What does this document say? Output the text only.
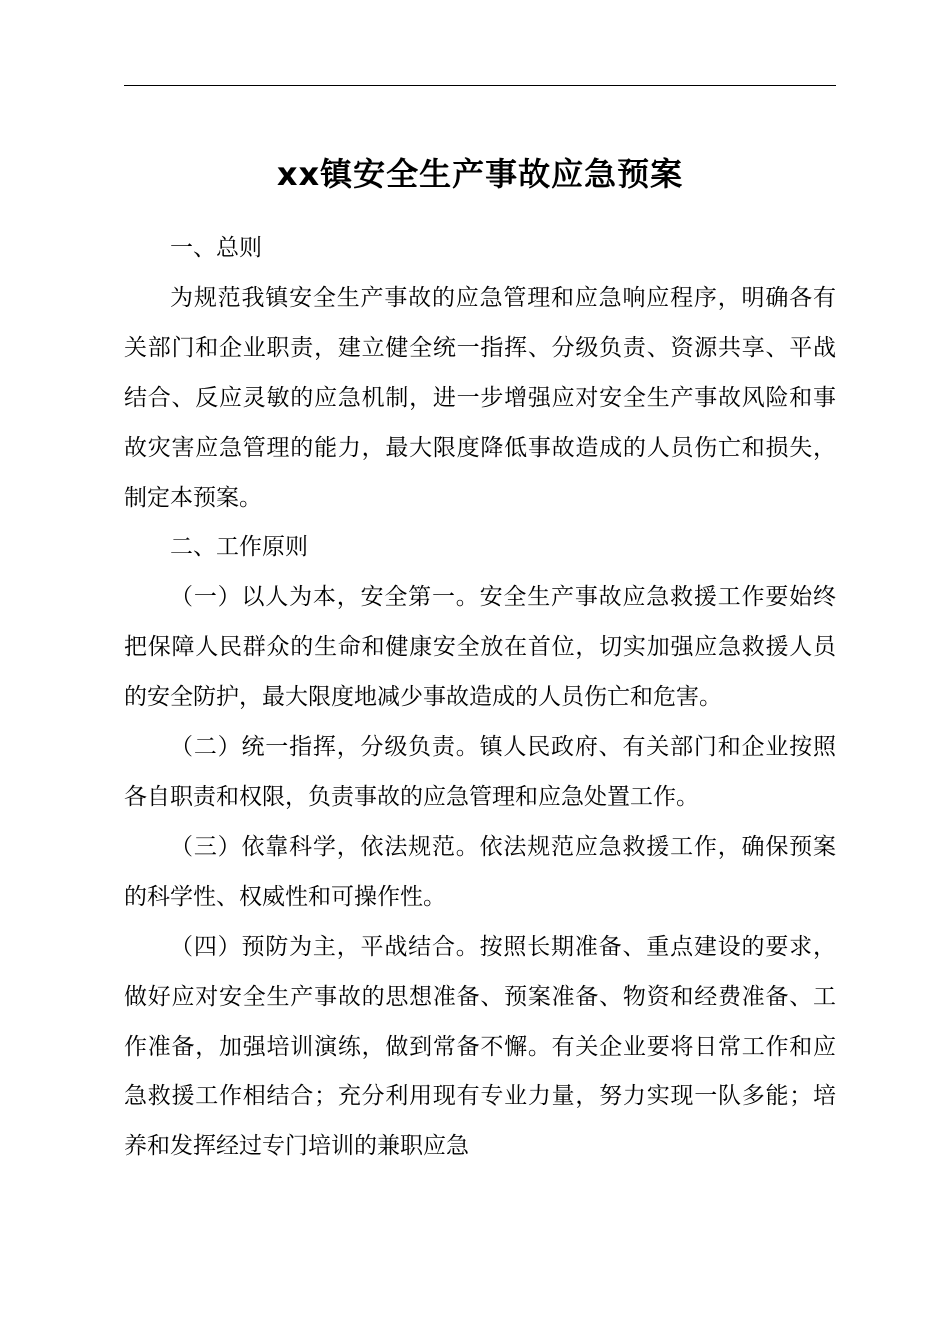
xx镇安全生产事故应急预案

一、总则

为规范我镇安全生产事故的应急管理和应急响应程序，明确各有关部门和企业职责，建立健全统一指挥、分级负责、资源共享、平战结合、反应灵敏的应急机制，进一步增强应对安全生产事故风险和事故灾害应急管理的能力，最大限度降低事故造成的人员伤亡和损失，制定本预案。

二、工作原则

（一）以人为本，安全第一。安全生产事故应急救援工作要始终把保障人民群众的生命和健康安全放在首位，切实加强应急救援人员的安全防护，最大限度地减少事故造成的人员伤亡和危害。

（二）统一指挥，分级负责。镇人民政府、有关部门和企业按照各自职责和权限，负责事故的应急管理和应急处置工作。

（三）依靠科学，依法规范。依法规范应急救援工作，确保预案的科学性、权威性和可操作性。

（四）预防为主，平战结合。按照长期准备、重点建设的要求，做好应对安全生产事故的思想准备、预案准备、物资和经费准备、工作准备，加强培训演练，做到常备不懈。有关企业要将日常工作和应急救援工作相结合；充分利用现有专业力量，努力实现一队多能；培养和发挥经过专门培训的兼职应急
